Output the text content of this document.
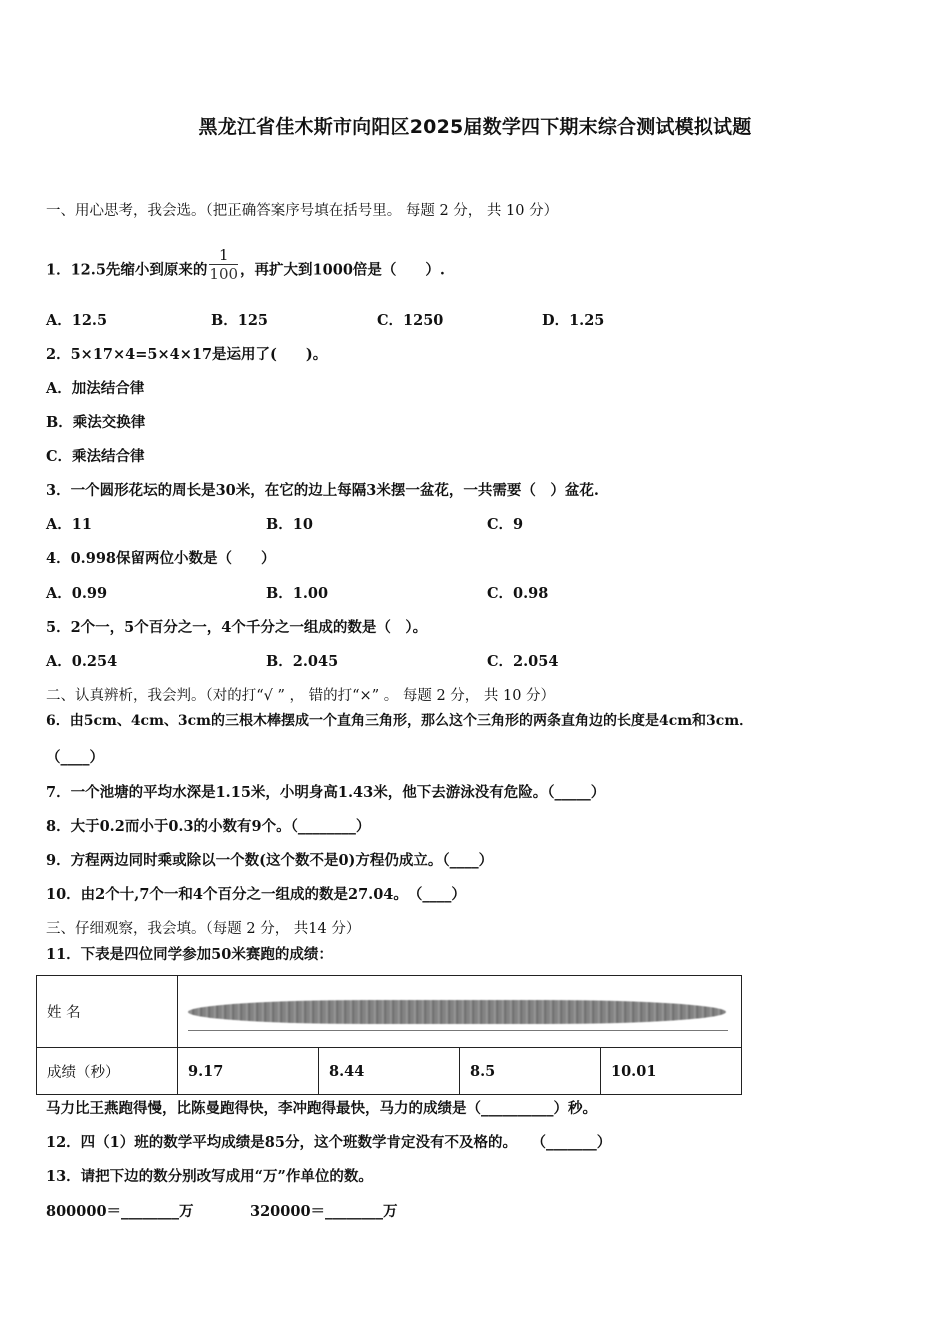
黑龙江省佳木斯市向阳区2025届数学四下期末综合测试模拟试题
一、用心思考，我会选。（把正确答案序号填在括号里。 每题 2 分， 共 10 分）
1．12.5先缩小到原来的 $\frac{1}{100}$ ，再扩大到1000倍是（　　）.
A．12.5	B．125	C．1250	D．1.25
2．5×17×4=5×4×17是运用了(　　)。
A．加法结合律
B．乘法交换律
C．乘法结合律
3．一个圆形花坛的周长是30米，在它的边上每隔3米摆一盆花，一共需要（　）盆花.
A．11	B．10	C．9
4．0.998保留两位小数是（　　）
A．0.99	B．1.00	C．0.98
5．2个一，5个百分之一，4个千分之一组成的数是（　）。
A．0.254	B．2.045	C．2.054
二、认真辨析，我会判。（对的打“√ ” ， 错的打“×” 。 每题 2 分， 共 10 分）
6．由5cm、4cm、3cm的三根木棒摆成一个直角三角形，那么这个三角形的两条直角边的长度是4cm和3cm．
（____）
7．一个池塘的平均水深是1.15米，小明身高1.43米，他下去游泳没有危险。（_____）
8．大于0.2而小于0.3的小数有9个。（________）
9．方程两边同时乘或除以一个数(这个数不是0)方程仍成立。（____）
10．由2个十,7个一和4个百分之一组成的数是27.04。　（____）
三、仔细观察，我会填。（每题 2 分， 共14 分）
11．下表是四位同学参加50米赛跑的成绩：
姓 名				

成绩（秒）	9.17	8.44	8.5	10.01
马力比王燕跑得慢，比陈曼跑得快，李冲跑得最快，马力的成绩是（__________）秒。
12．四（1）班的数学平均成绩是85分，这个班数学肯定没有不及格的。　　（_______）
13．请把下边的数分别改写成用“万”作单位的数。
800000＝________万	320000＝________万
